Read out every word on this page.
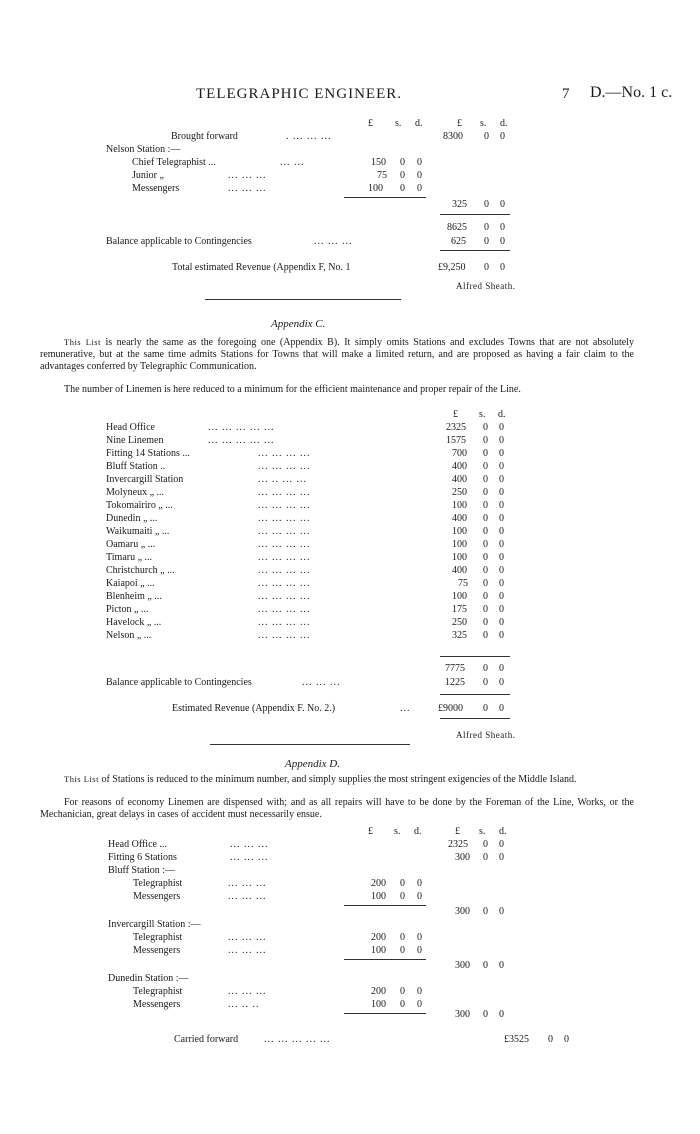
TELEGRAPHIC ENGINEER.	7 D.—No. 1 c.
£ s. d.	£ s. d.
Brought forward	. ... ... ...	8300 0 0
Nelson Station :—
Chief Telegraphist ...	... ...	150 0 0
Junior „	... ... ...	75 0 0
Messengers	... ... ...	100 0 0
325 0 0
8625 0 0
Balance applicable to Contingencies	... ... ...	625 0 0
Total estimated Revenue (Appendix F, No. 1	£9,250 0 0
Alfred Sheath.
Appendix C.
This List is nearly the same as the foregoing one (Appendix B). It simply omits Stations and excludes Towns that are not absolutely remunerative, but at the same time admits Stations for Towns that will make a limited return, and are proposed as having a fair claim to the advantages conferred by Telegraphic Communication.
The number of Linemen is here reduced to a minimum for the efficient maintenance and proper repair of the Line.
£ s. d.
Head Office	... ... ... ... ...	2325 0 0
Nine Linemen	... ... ... ... ...	1575 0 0
Fitting 14 Stations ...	... ... ... ...	700 0 0
Bluff Station ..	... ... ... ...	400 0 0
Invercargill Station	... .. ... ...	400 0 0
Molyneux „ ...	... ... ... ...	250 0 0
Tokomairiro „ ...	... ... ... ...	100 0 0
Dunedin „ ...	... ... ... ...	400 0 0
Waikumaiti „ ...	... ... ... ...	100 0 0
Oamaru „ ...	... ... ... ...	100 0 0
Timaru „ ...	... ... ... ...	100 0 0
Christchurch „ ...	... ... ... ...	400 0 0
Kaiapoi „ ...	... ... ... ...	75 0 0
Blenheim „ ...	... ... ... ...	100 0 0
Picton „ ...	... ... ... ...	175 0 0
Havelock „ ...	... ... ... ...	250 0 0
Nelson „ ...	... ... ... ...	325 0 0
7775 0 0
Balance applicable to Contingencies	... ... ...	1225 0 0
Estimated Revenue (Appendix F. No. 2.)	...	£9000 0 0
Alfred Sheath.
Appendix D.
This List of Stations is reduced to the minimum number, and simply supplies the most stringent exigencies of the Middle Island.
For reasons of economy Linemen are dispensed with; and as all repairs will have to be done by the Foreman of the Line, Works, or the Mechanician, great delays in cases of accident must necessarily ensue.
£ s. d.	£ s. d.
Head Office ...	... ... ...	2325 0 0
Fitting 6 Stations	... ... ...	300 0 0
Bluff Station :—
Telegraphist	... ... ...	200 0 0
Messengers	... ... ...	100 0 0
300 0 0
Invercargill Station :—
Telegraphist	... ... ...	200 0 0
Messengers	... ... ...	100 0 0
300 0 0
Dunedin Station :—
Telegraphist	... ... ...	200 0 0
Messengers	... .. ..	100 0 0
300 0 0
Carried forward	... ... ... ... ...	£3525 0 0
